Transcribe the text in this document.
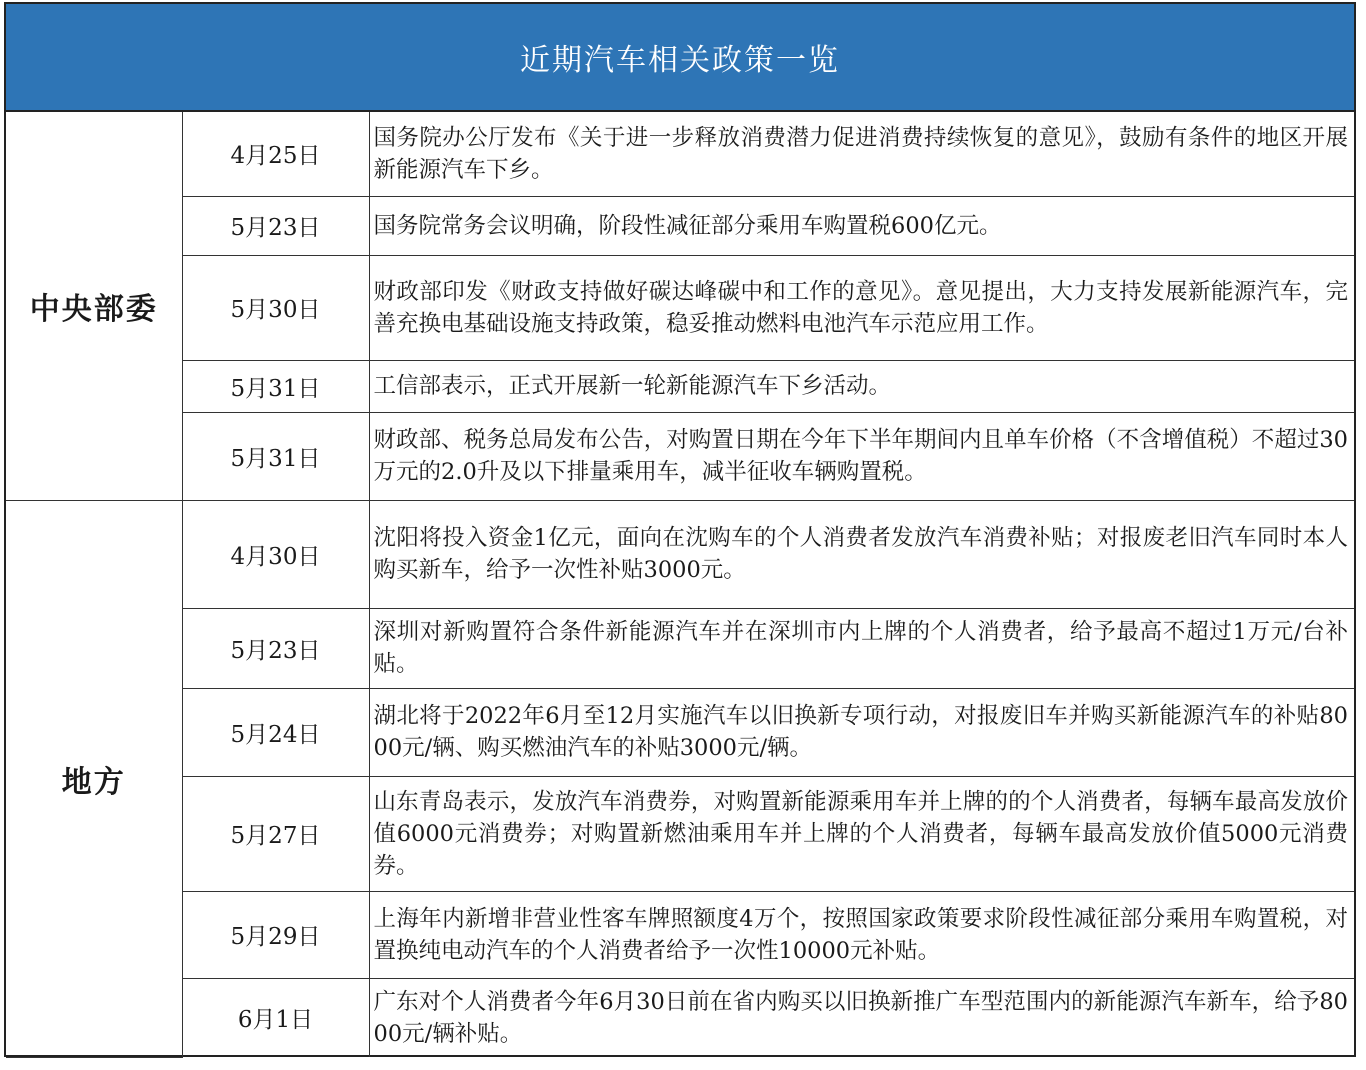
近期汽车相关政策一览
中央部委	4月25日	国务院办公厅发布《关于进一步释放消费潜力促进消费持续恢复的意见》，鼓励有条件的地区开展新能源汽车下乡。
	5月23日	国务院常务会议明确，阶段性减征部分乘用车购置税600亿元。
	5月30日	财政部印发《财政支持做好碳达峰碳中和工作的意见》。意见提出，大力支持发展新能源汽车，完善充换电基础设施支持政策，稳妥推动燃料电池汽车示范应用工作。
	5月31日	工信部表示，正式开展新一轮新能源汽车下乡活动。
	5月31日	财政部、税务总局发布公告，对购置日期在今年下半年期间内且单车价格（不含增值税）不超过30万元的2.0升及以下排量乘用车，减半征收车辆购置税。
地方	4月30日	沈阳将投入资金1亿元，面向在沈购车的个人消费者发放汽车消费补贴；对报废老旧汽车同时本人购买新车，给予一次性补贴3000元。
	5月23日	深圳对新购置符合条件新能源汽车并在深圳市内上牌的个人消费者，给予最高不超过1万元/台补贴。
	5月24日	湖北将于2022年6月至12月实施汽车以旧换新专项行动，对报废旧车并购买新能源汽车的补贴8000元/辆、购买燃油汽车的补贴3000元/辆。
	5月27日	山东青岛表示，发放汽车消费券，对购置新能源乘用车并上牌的的个人消费者，每辆车最高发放价值6000元消费券；对购置新燃油乘用车并上牌的个人消费者，每辆车最高发放价值5000元消费券。
	5月29日	上海年内新增非营业性客车牌照额度4万个，按照国家政策要求阶段性减征部分乘用车购置税，对置换纯电动汽车的个人消费者给予一次性10000元补贴。
	6月1日	广东对个人消费者今年6月30日前在省内购买以旧换新推广车型范围内的新能源汽车新车，给予8000元/辆补贴。
